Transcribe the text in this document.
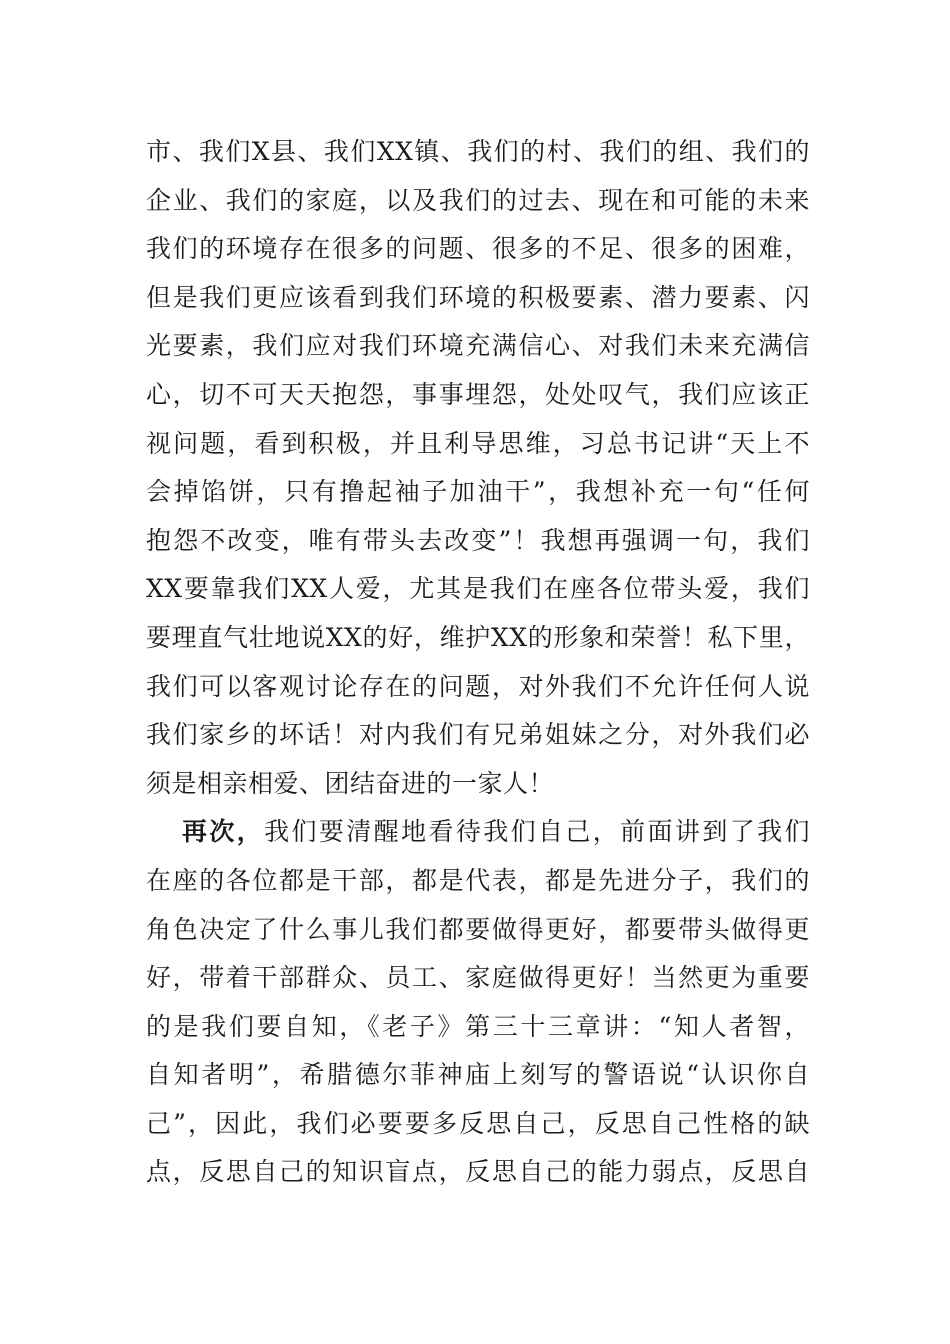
市、我们X县、我们XX镇、我们的村、我们的组、我们的
企业、我们的家庭，以及我们的过去、现在和可能的未来
我们的环境存在很多的问题、很多的不足、很多的困难，
但是我们更应该看到我们环境的积极要素、潜力要素、闪
光要素，我们应对我们环境充满信心、对我们未来充满信
心，切不可天天抱怨，事事埋怨，处处叹气，我们应该正
视问题，看到积极，并且利导思维，习总书记讲“天上不
会掉馅饼，只有撸起袖子加油干”，我想补充一句“任何
抱怨不改变，唯有带头去改变”！我想再强调一句，我们
XX要靠我们XX人爱，尤其是我们在座各位带头爱，我们
要理直气壮地说XX的好，维护XX的形象和荣誉！私下里，
我们可以客观讨论存在的问题，对外我们不允许任何人说
我们家乡的坏话！对内我们有兄弟姐妹之分，对外我们必
须是相亲相爱、团结奋进的一家人！
再次，我们要清醒地看待我们自己，前面讲到了我们
在座的各位都是干部，都是代表，都是先进分子，我们的
角色决定了什么事儿我们都要做得更好，都要带头做得更
好，带着干部群众、员工、家庭做得更好！当然更为重要
的是我们要自知，《老子》第三十三章讲：“知人者智，
自知者明”，希腊德尔菲神庙上刻写的警语说“认识你自
己”，因此，我们必要要多反思自己，反思自己性格的缺
点，反思自己的知识盲点，反思自己的能力弱点，反思自
